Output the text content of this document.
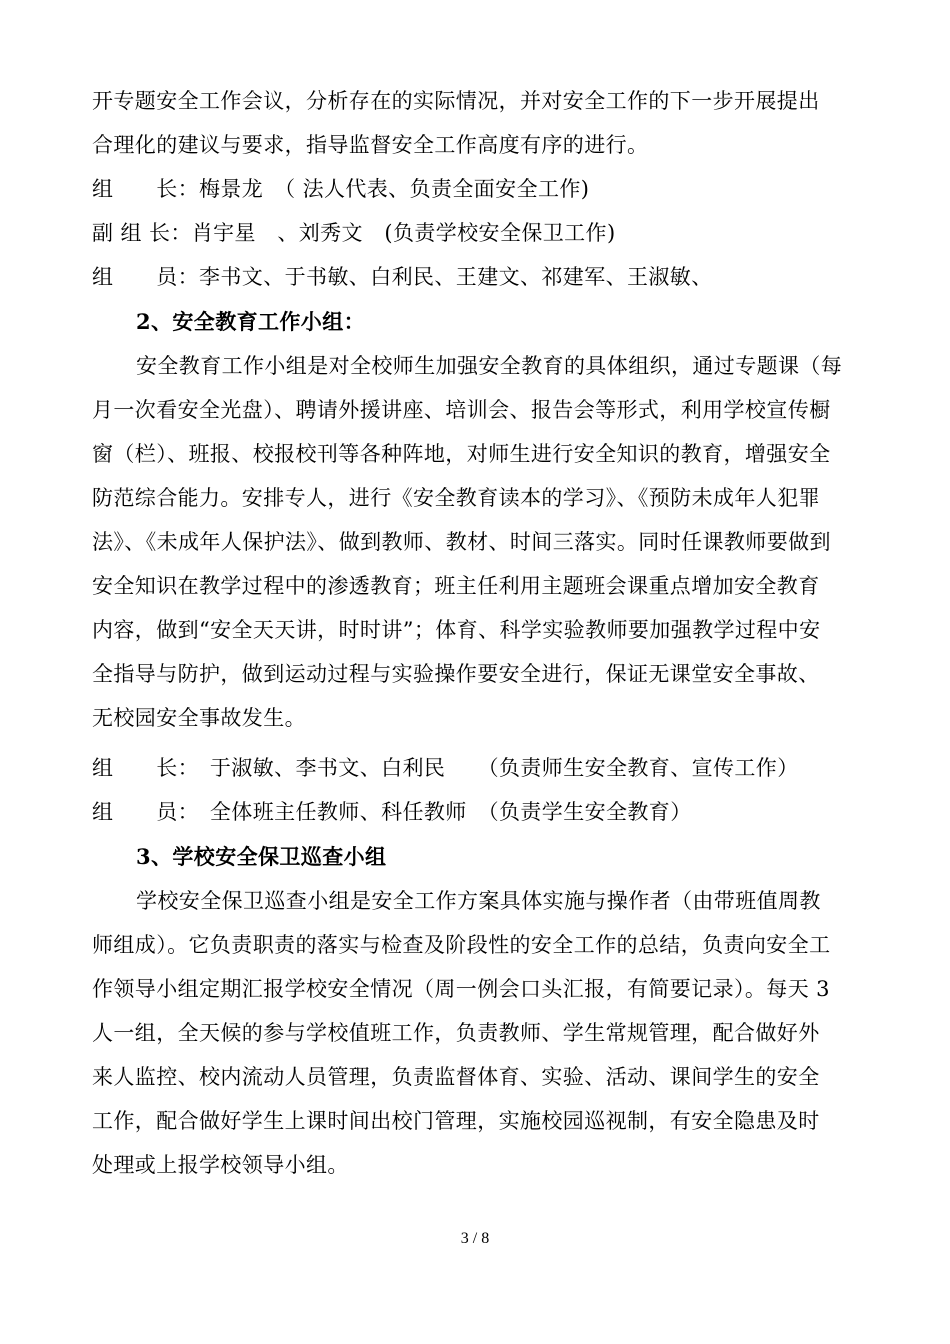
开专题安全工作会议，分析存在的实际情况，并对安全工作的下一步开展提出
合理化的建议与要求，指导监督安全工作高度有序的进行。
组　　长：梅景龙　（ 法人代表、负责全面安全工作)
副 组 长：肖宇星　、刘秀文　(负责学校安全保卫工作)
组　　员：李书文、于书敏、白利民、王建文、祁建军、王淑敏、
2、安全教育工作小组：
安全教育工作小组是对全校师生加强安全教育的具体组织，通过专题课（每
月一次看安全光盘）、聘请外援讲座、培训会、报告会等形式，利用学校宣传橱
窗（栏）、班报、校报校刊等各种阵地，对师生进行安全知识的教育，增强安全
防范综合能力。安排专人，进行《安全教育读本的学习》、《预防未成年人犯罪
法》、《未成年人保护法》、做到教师、教材、时间三落实。同时任课教师要做到
安全知识在教学过程中的渗透教育；班主任利用主题班会课重点增加安全教育
内容，做到“安全天天讲，时时讲”；体育、科学实验教师要加强教学过程中安
全指导与防护，做到运动过程与实验操作要安全进行，保证无课堂安全事故、
无校园安全事故发生。
组　　长：　于淑敏、李书文、白利民　　（负责师生安全教育、宣传工作）
组　　员：　全体班主任教师、科任教师　（负责学生安全教育）
3、学校安全保卫巡查小组
学校安全保卫巡查小组是安全工作方案具体实施与操作者（由带班值周教
师组成）。它负责职责的落实与检查及阶段性的安全工作的总结，负责向安全工
作领导小组定期汇报学校安全情况（周一例会口头汇报，有简要记录）。每天 3
人一组，全天候的参与学校值班工作，负责教师、学生常规管理，配合做好外
来人监控、校内流动人员管理，负责监督体育、实验、活动、课间学生的安全
工作，配合做好学生上课时间出校门管理，实施校园巡视制，有安全隐患及时
处理或上报学校领导小组。
3 / 8
